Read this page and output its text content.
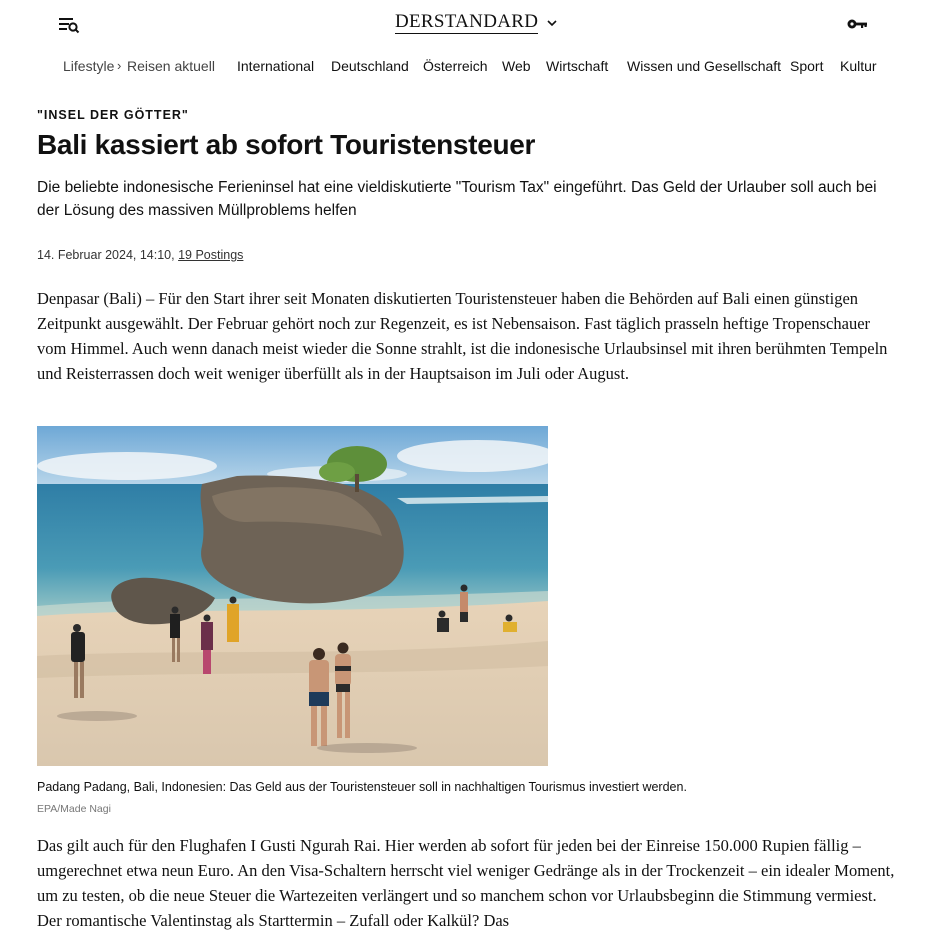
DERSTANDARD
Lifestyle › Reisen aktuell International Deutschland Österreich Web Wirtschaft Wissen und Gesellschaft Sport Kultur
"INSEL DER GÖTTER"
Bali kassiert ab sofort Touristensteuer

Die beliebte indonesische Ferieninsel hat eine vieldiskutierte "Tourism Tax" eingeführt. Das Geld der Urlauber soll auch bei der Lösung des massiven Müllproblems helfen

14. Februar 2024, 14:10, 19 Postings

Denpasar (Bali) – Für den Start ihrer seit Monaten diskutierten Touristensteuer haben die Behörden auf Bali einen günstigen Zeitpunkt ausgewählt. Der Februar gehört noch zur Regenzeit, es ist Nebensaison. Fast täglich prasseln heftige Tropenschauer vom Himmel. Auch wenn danach meist wieder die Sonne strahlt, ist die indonesische Urlaubsinsel mit ihren berühmten Tempeln und Reisterrassen doch weit weniger überfüllt als in der Hauptsaison im Juli oder August.

Padang Padang, Bali, Indonesien: Das Geld aus der Touristensteuer soll in nachhaltigen Tourismus investiert werden.
EPA/Made Nagi

Das gilt auch für den Flughafen I Gusti Ngurah Rai. Hier werden ab sofort für jeden bei der Einreise 150.000 Rupien fällig – umgerechnet etwa neun Euro. An den Visa-Schaltern herrscht viel weniger Gedränge als in der Trockenzeit – ein idealer Moment, um zu testen, ob die neue Steuer die Wartezeiten verlängert und so manchem schon vor Urlaubsbeginn die Stimmung vermiest. Der romantische Valentinstag als Starttermin – Zufall oder Kalkül? Das
